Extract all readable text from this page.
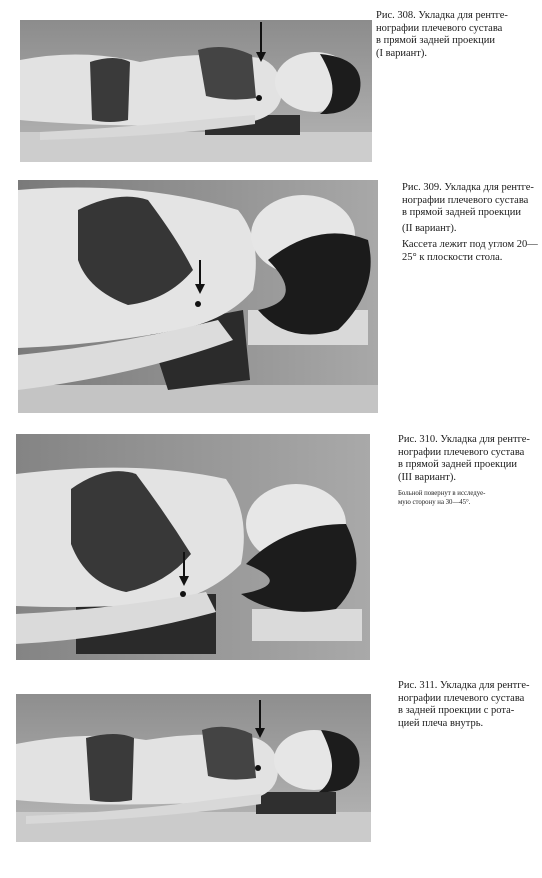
Рис. 308. Укладка для рентге-
нографии плечевого сустава
в прямой задней проекции
(I вариант).
Рис. 309. Укладка для рентге-
нографии плечевого сустава
в прямой задней проекции
(II вариант).
Кассета лежит под углом 20—
25° к плоскости стола.
Рис. 310. Укладка для рентге-
нографии плечевого сустава
в прямой задней проекции
(III вариант).
Больной повернут в исследуе-
мую сторону на 30—45°.
Рис. 311. Укладка для рентге-
нографии плечевого сустава
в задней проекции с рота-
цией плеча внутрь.
